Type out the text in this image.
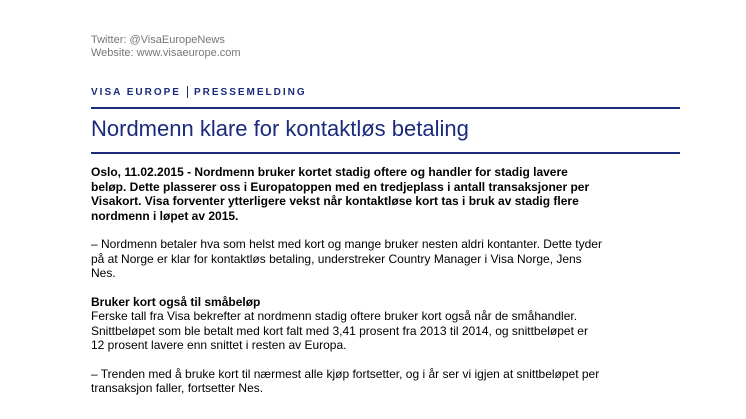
Twitter: @VisaEuropeNews
Website: www.visaeurope.com
VISA EUROPE PRESSEMELDING
Nordmenn klare for kontaktløs betaling

Oslo, 11.02.2015 - Nordmenn bruker kortet stadig oftere og handler for stadig lavere
beløp. Dette plasserer oss i Europatoppen med en tredjeplass i antall transaksjoner per
Visakort. Visa forventer ytterligere vekst når kontaktløse kort tas i bruk av stadig flere
nordmenn i løpet av 2015.

– Nordmenn betaler hva som helst med kort og mange bruker nesten aldri kontanter. Dette tyder
på at Norge er klar for kontaktløs betaling, understreker Country Manager i Visa Norge, Jens
Nes.

Bruker kort også til småbeløp
Ferske tall fra Visa bekrefter at nordmenn stadig oftere bruker kort også når de småhandler.
Snittbeløpet som ble betalt med kort falt med 3,41 prosent fra 2013 til 2014, og snittbeløpet er
12 prosent lavere enn snittet i resten av Europa.

– Trenden med å bruke kort til nærmest alle kjøp fortsetter, og i år ser vi igjen at snittbeløpet per
transaksjon faller, fortsetter Nes.
